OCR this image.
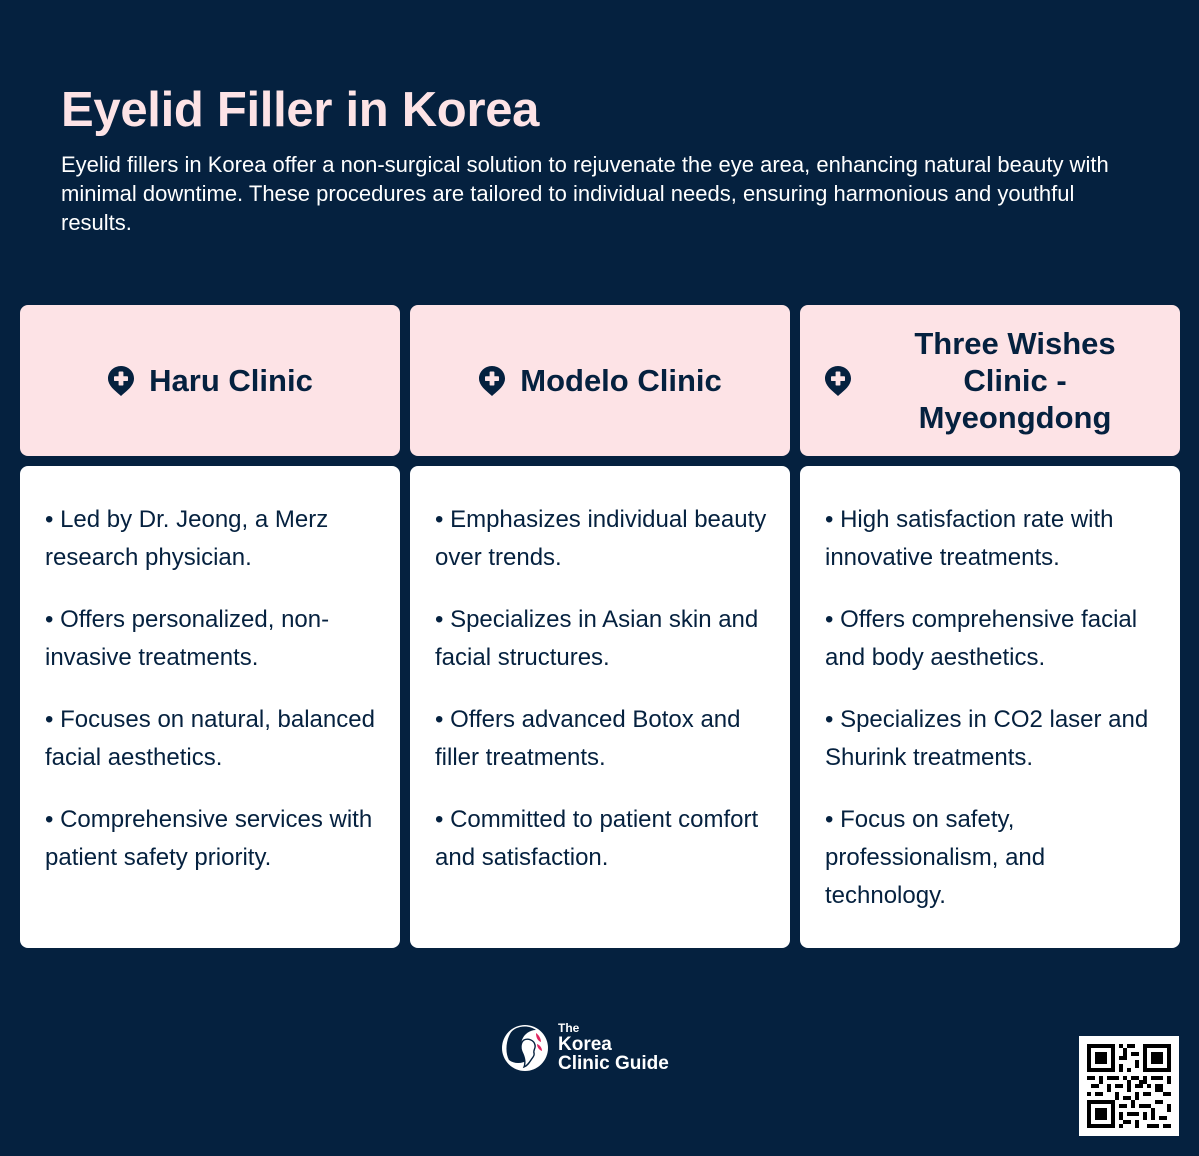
Eyelid Filler in Korea

Eyelid fillers in Korea offer a non-surgical solution to rejuvenate the eye area, enhancing natural beauty with minimal downtime. These procedures are tailored to individual needs, ensuring harmonious and youthful results.

Haru Clinic
• Led by Dr. Jeong, a Merz research physician.
• Offers personalized, non-invasive treatments.
• Focuses on natural, balanced facial aesthetics.
• Comprehensive services with patient safety priority.
Modelo Clinic
• Emphasizes individual beauty over trends.
• Specializes in Asian skin and facial structures.
• Offers advanced Botox and filler treatments.
• Committed to patient comfort and satisfaction.
Three Wishes Clinic - Myeongdong
• High satisfaction rate with innovative treatments.
• Offers comprehensive facial and body aesthetics.
• Specializes in CO2 laser and Shurink treatments.
• Focus on safety, professionalism, and technology.
The
Korea
Clinic Guide
